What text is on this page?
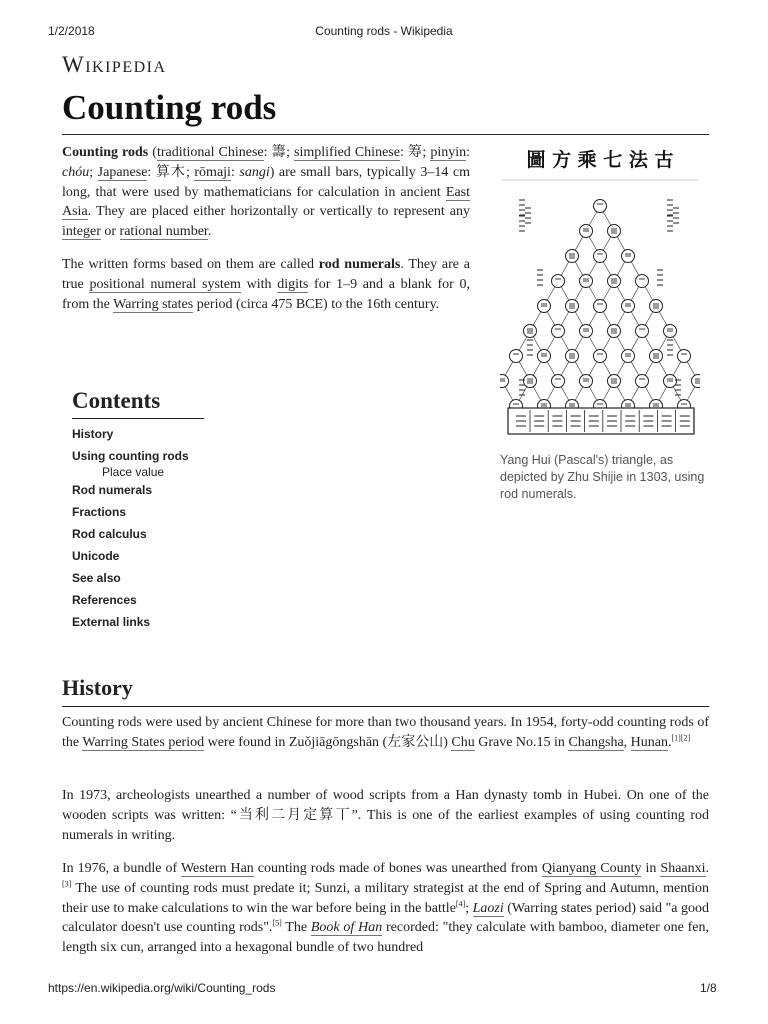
1/2/2018	Counting rods - Wikipedia
Wikipedia
Counting rods

Counting rods (traditional Chinese: 籌; simplified Chinese: 筹; pinyin: chóu; Japanese: 算木; rōmaji: sangi) are small bars, typically 3–14 cm long, that were used by mathematicians for calculation in ancient East Asia. They are placed either horizontally or vertically to represent any integer or rational number.

The written forms based on them are called rod numerals. They are a true positional numeral system with digits for 1–9 and a blank for 0, from the Warring states period (circa 475 BCE) to the 16th century.

圖 方 乘 七 法 古
Yang Hui (Pascal's) triangle, as depicted by Zhu Shijie in 1303, using rod numerals.
Contents
History
Using counting rods
Place value
Rod numerals
Fractions
Rod calculus
Unicode
See also
References
External links
History

Counting rods were used by ancient Chinese for more than two thousand years. In 1954, forty-odd counting rods of the Warring States period were found in Zuǒjiāgōngshān (左家公山) Chu Grave No.15 in Changsha, Hunan.[1][2]

In 1973, archeologists unearthed a number of wood scripts from a Han dynasty tomb in Hubei. On one of the wooden scripts was written: “当利二月定算丅”. This is one of the earliest examples of using counting rod numerals in writing.

In 1976, a bundle of Western Han counting rods made of bones was unearthed from Qianyang County in Shaanxi.[3] The use of counting rods must predate it; Sunzi, a military strategist at the end of Spring and Autumn, mention their use to make calculations to win the war before being in the battle[4]; Laozi (Warring states period) said "a good calculator doesn't use counting rods".[5] The Book of Han recorded: "they calculate with bamboo, diameter one fen, length six cun, arranged into a hexagonal bundle of two hundred

https://en.wikipedia.org/wiki/Counting_rods	1/8
